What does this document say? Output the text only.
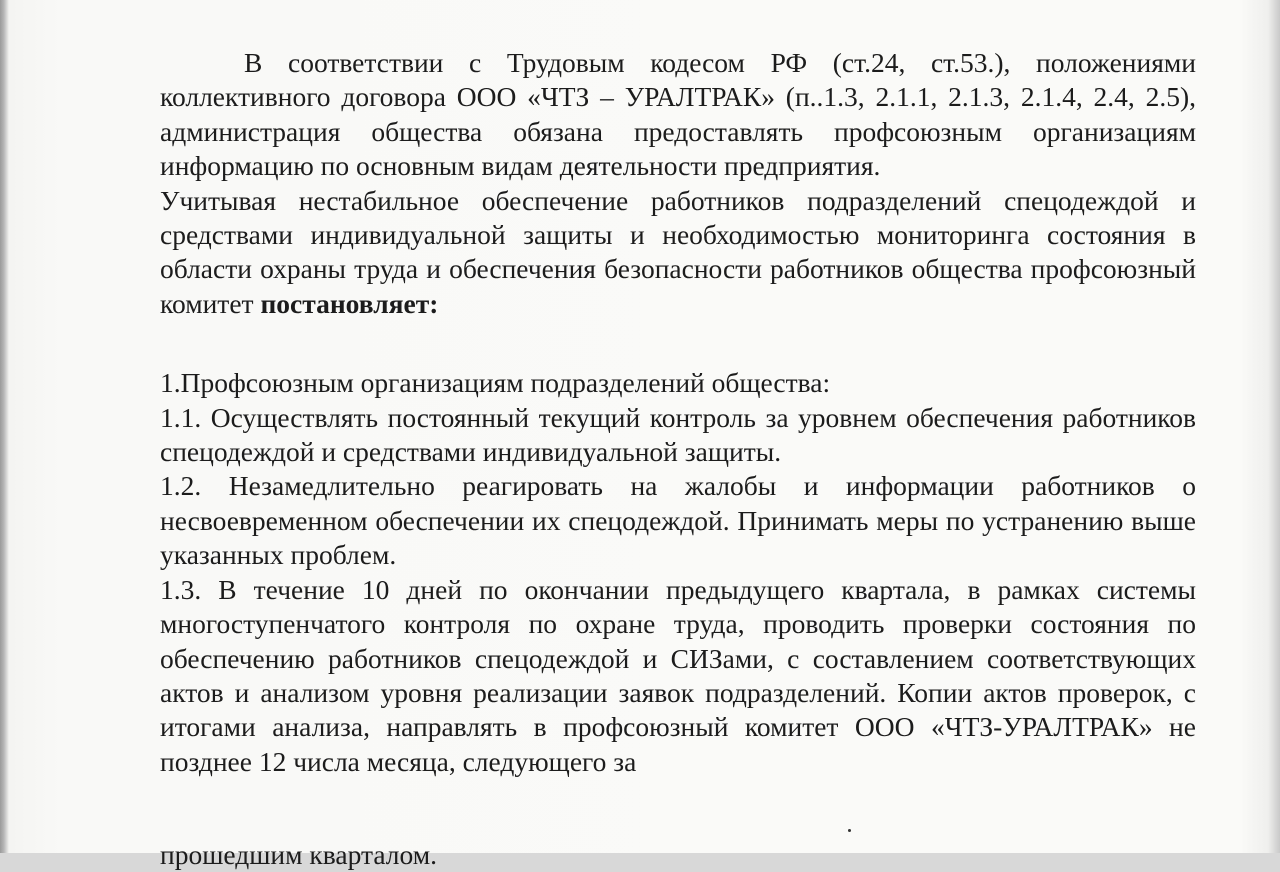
В соответствии с Трудовым кодесом РФ (ст.24, ст.53.), положениями коллективного договора ООО «ЧТЗ – УРАЛТРАК» (п..1.3, 2.1.1, 2.1.3, 2.1.4, 2.4, 2.5), администрация общества обязана предоставлять профсоюзным организациям информацию по основным видам деятельности предприятия.

Учитывая нестабильное обеспечение работников подразделений спецодеждой и средствами индивидуальной защиты и необходимостью мониторинга состояния в области охраны труда и обеспечения безопасности работников общества профсоюзный комитет постановляет:

1.Профсоюзным организациям подразделений общества:

1.1. Осуществлять постоянный текущий контроль за уровнем обеспечения работников спецодеждой и средствами индивидуальной защиты.

1.2. Незамедлительно реагировать на жалобы и информации работников о несвоевременном обеспечении их спецодеждой. Принимать меры по устранению выше указанных проблем.

1.3. В течение 10 дней по окончании предыдущего квартала, в рамках системы многоступенчатого контроля по охране труда, проводить проверки состояния по обеспечению работников спецодеждой и СИЗами, с составлением соответствующих актов и анализом уровня реализации заявок подразделений. Копии актов проверок, с итогами анализа, направлять в профсоюзный комитет ООО «ЧТЗ-УРАЛТРАК» не позднее 12 числа месяца, следующего за

прошедшим кварталом.
